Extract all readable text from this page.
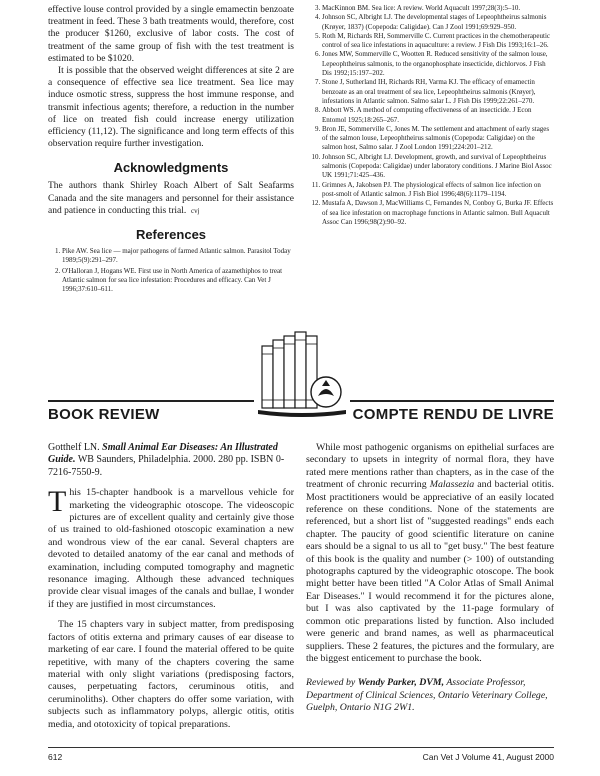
effective louse control provided by a single emamectin benzoate treatment in feed. These 3 bath treatments would, therefore, cost the producer $1260, exclusive of labor costs. The cost of treatment of the same group of fish with the test treatment is estimated to be $1020.

It is possible that the observed weight differences at site 2 are a consequence of effective sea lice treatment. Sea lice may induce osmotic stress, suppress the host immune response, and transmit infectious agents; therefore, a reduction in the number of lice on treated fish could increase energy utilization efficiency (11,12). The significance and long term effects of this observation require further investigation.

Acknowledgments

The authors thank Shirley Roach Albert of Salt Seafarms Canada and the site managers and personnel for their assistance and patience in conducting this trial. cvj

References
1. Pike AW. Sea lice — major pathogens of farmed Atlantic salmon. Parasitol Today 1989;5(9):291–297.
2. O'Halloran J, Hogans WE. First use in North America of azamethiphos to treat Atlantic salmon for sea lice infestation: Procedures and efficacy. Can Vet J 1996;37:610–611.
3. MacKinnon BM. Sea lice: A review. World Aquacult 1997;28(3):5–10.
4. Johnson SC, Albright LJ. The developmental stages of Lepeophtheirus salmonis (Krøyer, 1837) (Copepoda: Caligidae). Can J Zool 1991;69:929–950.
5. Roth M, Richards RH, Sommerville C. Current practices in the chemotherapeutic control of sea lice infestations in aquaculture: a review. J Fish Dis 1993;16:1–26.
6. Jones MW, Sommerville C, Wootten R. Reduced sensitivity of the salmon louse, Lepeophtheirus salmonis, to the organophosphate insecticide, dichlorvos. J Fish Dis 1992;15:197–202.
7. Stone J, Sutherland IH, Richards RH, Varma KJ. The efficacy of emamectin benzoate as an oral treatment of sea lice, Lepeophtheirus salmonis (Krøyer), infestations in Atlantic salmon. Salmo salar L. J Fish Dis 1999;22:261–270.
8. Abbott WS. A method of computing effectiveness of an insecticide. J Econ Entomol 1925;18:265–267.
9. Bron JE, Sommerville C, Jones M. The settlement and attachment of early stages of the salmon louse, Lepeophtheirus salmonis (Copepoda: Caligidae) on the salmon host, Salmo salar. J Zool London 1991;224:201–212.
10. Johnson SC, Albright LJ. Development, growth, and survival of Lepeophtheirus salmonis (Copepoda: Caligidae) under laboratory conditions. J Marine Biol Assoc UK 1991;71:425–436.
11. Grimnes A, Jakobsen PJ. The physiological effects of salmon lice infection on post-smolt of Atlantic salmon. J Fish Biol 1996;48(6):1179–1194.
12. Mustafa A, Dawson J, MacWilliams C, Fernandes N, Conboy G, Burka JF. Effects of sea lice infestation on macrophage functions in Atlantic salmon. Bull Aquacult Assoc Can 1996;98(2):90–92.
BOOK REVIEW	COMPTE RENDU DE LIVRE

Gotthelf LN. Small Animal Ear Diseases: An Illustrated Guide. WB Saunders, Philadelphia. 2000. 280 pp. ISBN 0-7216-7550-9.

This 15-chapter handbook is a marvellous vehicle for marketing the videographic otoscope. The videoscopic pictures are of excellent quality and certainly give those of us trained to old-fashioned otoscopic examination a new and wondrous view of the ear canal. Several chapters are devoted to detailed anatomy of the ear canal and methods of examination, including computed tomography and magnetic resonance imaging. Although these advanced techniques provide clear visual images of the canals and bullae, I wonder if they are justified in most circumstances.

The 15 chapters vary in subject matter, from predisposing factors of otitis externa and primary causes of ear disease to marketing of ear care. I found the material offered to be quite repetitive, with many of the chapters covering the same material with only slight variations (predisposing factors, causes, perpetuating factors, ceruminous otitis, and ceruminoliths). Other chapters do offer some variation, with subjects such as inflammatory polyps, allergic otitis, otitis media, and ototoxicity of topical preparations.

While most pathogenic organisms on epithelial surfaces are secondary to upsets in integrity of normal flora, they have rated mere mentions rather than chapters, as in the case of the treatment of chronic recurring Malassezia and bacterial otitis. Most practitioners would be appreciative of an easily located reference on these conditions. None of the statements are referenced, but a short list of "suggested readings" ends each chapter. The paucity of good scientific literature on canine ears should be a signal to us all to "get busy." The best feature of this book is the quality and number (> 100) of outstanding photographs captured by the videographic otoscope. The book might better have been titled "A Color Atlas of Small Animal Ear Diseases." I would recommend it for the pictures alone, but I was also captivated by the 11-page formulary of common otic preparations listed by function. Also included were generic and brand names, as well as pharmaceutical suppliers. These 2 features, the pictures and the formulary, are the biggest enticement to purchase the book.

Reviewed by Wendy Parker, DVM, Associate Professor, Department of Clinical Sciences, Ontario Veterinary College, Guelph, Ontario N1G 2W1.

612	Can Vet J Volume 41, August 2000
